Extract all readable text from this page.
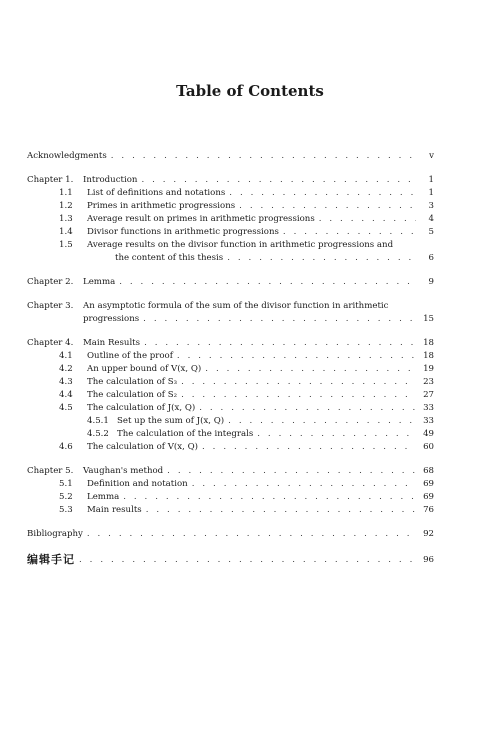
Table of Contents
Acknowledgments . . .	v
Chapter 1. Introduction . . .	1
1.1 List of definitions and notations . . .	1
1.2 Primes in arithmetic progressions . . .	3
1.3 Average result on primes in arithmetic progressions . . .	4
1.4 Divisor functions in arithmetic progressions . . .	5
1.5 Average results on the divisor function in arithmetic progressions and
the content of this thesis . . .	6
Chapter 2. Lemma . . .	9
Chapter 3. An asymptotic formula of the sum of the divisor function in arithmetic
progressions . . .	15
Chapter 4. Main Results . . .	18
4.1 Outline of the proof . . .	18
4.2 An upper bound of V(x, Q) . . .	19
4.3 The calculation of S₃ . . .	23
4.4 The calculation of S₂ . . .	27
4.5 The calculation of J(x, Q) . . .	33
4.5.1 Set up the sum of J(x, Q) . . .	33
4.5.2 The calculation of the integrals . . .	49
4.6 The calculation of V(x, Q) . . .	60
Chapter 5. Vaughan's method . . .	68
5.1 Definition and notation . . .	69
5.2 Lemma . . .	69
5.3 Main results . . .	76
Bibliography . . .	92
编辑手记 . . .	96
